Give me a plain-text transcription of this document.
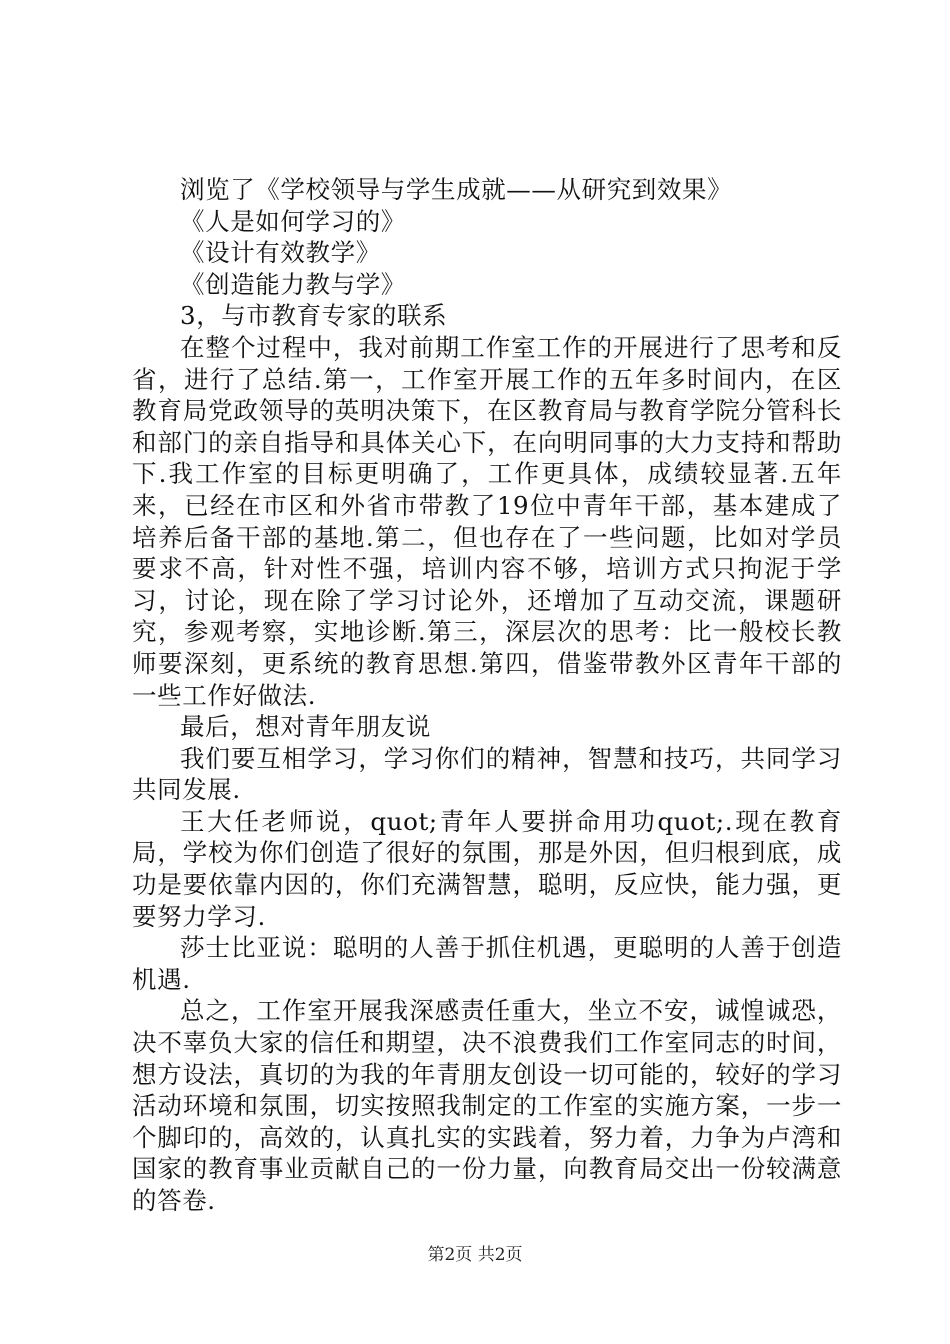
浏览了《学校领导与学生成就——从研究到效果》

《人是如何学习的》

《设计有效教学》

《创造能力教与学》

3，与市教育专家的联系

在整个过程中，我对前期工作室工作的开展进行了思考和反省，进行了总结.第一，工作室开展工作的五年多时间内，在区教育局党政领导的英明决策下，在区教育局与教育学院分管科长和部门的亲自指导和具体关心下，在向明同事的大力支持和帮助下.我工作室的目标更明确了，工作更具体，成绩较显著.五年来，已经在市区和外省市带教了19位中青年干部，基本建成了培养后备干部的基地.第二，但也存在了一些问题，比如对学员要求不高，针对性不强，培训内容不够，培训方式只拘泥于学习，讨论，现在除了学习讨论外，还增加了互动交流，课题研究，参观考察，实地诊断.第三，深层次的思考：比一般校长教师要深刻，更系统的教育思想.第四，借鉴带教外区青年干部的一些工作好做法.

最后，想对青年朋友说

我们要互相学习，学习你们的精神，智慧和技巧，共同学习共同发展.

王大任老师说，quot;青年人要拼命用功quot;.现在教育局，学校为你们创造了很好的氛围，那是外因，但归根到底，成功是要依靠内因的，你们充满智慧，聪明，反应快，能力强，更要努力学习.

莎士比亚说：聪明的人善于抓住机遇，更聪明的人善于创造机遇.

总之，工作室开展我深感责任重大，坐立不安，诚惶诚恐，决不辜负大家的信任和期望，决不浪费我们工作室同志的时间，想方设法，真切的为我的年青朋友创设一切可能的，较好的学习活动环境和氛围，切实按照我制定的工作室的实施方案，一步一个脚印的，高效的，认真扎实的实践着，努力着，力争为卢湾和国家的教育事业贡献自己的一份力量，向教育局交出一份较满意的答卷.

第2页 共2页
